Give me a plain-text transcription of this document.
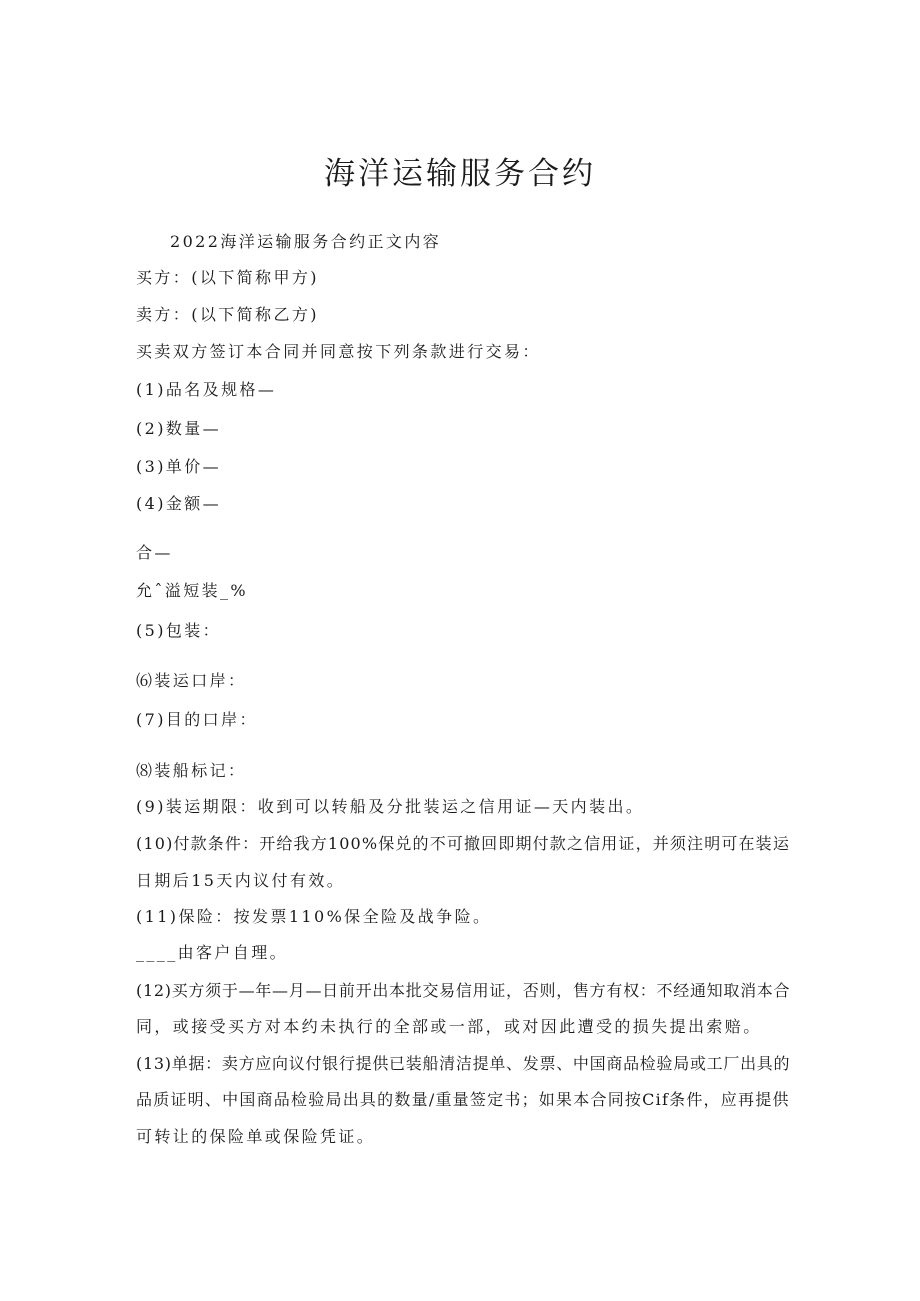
海洋运输服务合约

2022海洋运输服务合约正文内容

买方：(以下简称甲方)

卖方：(以下简称乙方)

买卖双方签订本合同并同意按下列条款进行交易：

(1)品名及规格—

(2)数量—

(3)单价—

(4)金额—

合—

允ˆ溢短装_%

(5)包装：

⑹装运口岸：

(7)目的口岸：

⑻装船标记：

(9)装运期限：收到可以转船及分批装运之信用证—天内装出。

(10)付款条件：开给我方100%保兑的不可撤回即期付款之信用证，并须注明可在装运

日期后15天内议付有效。

(11)保险：按发票110%保全险及战争险。

____由客户自理。

(12)买方须于—年—月—日前开出本批交易信用证，否则，售方有权：不经通知取消本合

同，或接受买方对本约未执行的全部或一部，或对因此遭受的损失提出索赔。

(13)单据：卖方应向议付银行提供已装船清洁提单、发票、中国商品检验局或工厂出具的

品质证明、中国商品检验局出具的数量/重量签定书；如果本合同按Cif条件，应再提供

可转让的保险单或保险凭证。
